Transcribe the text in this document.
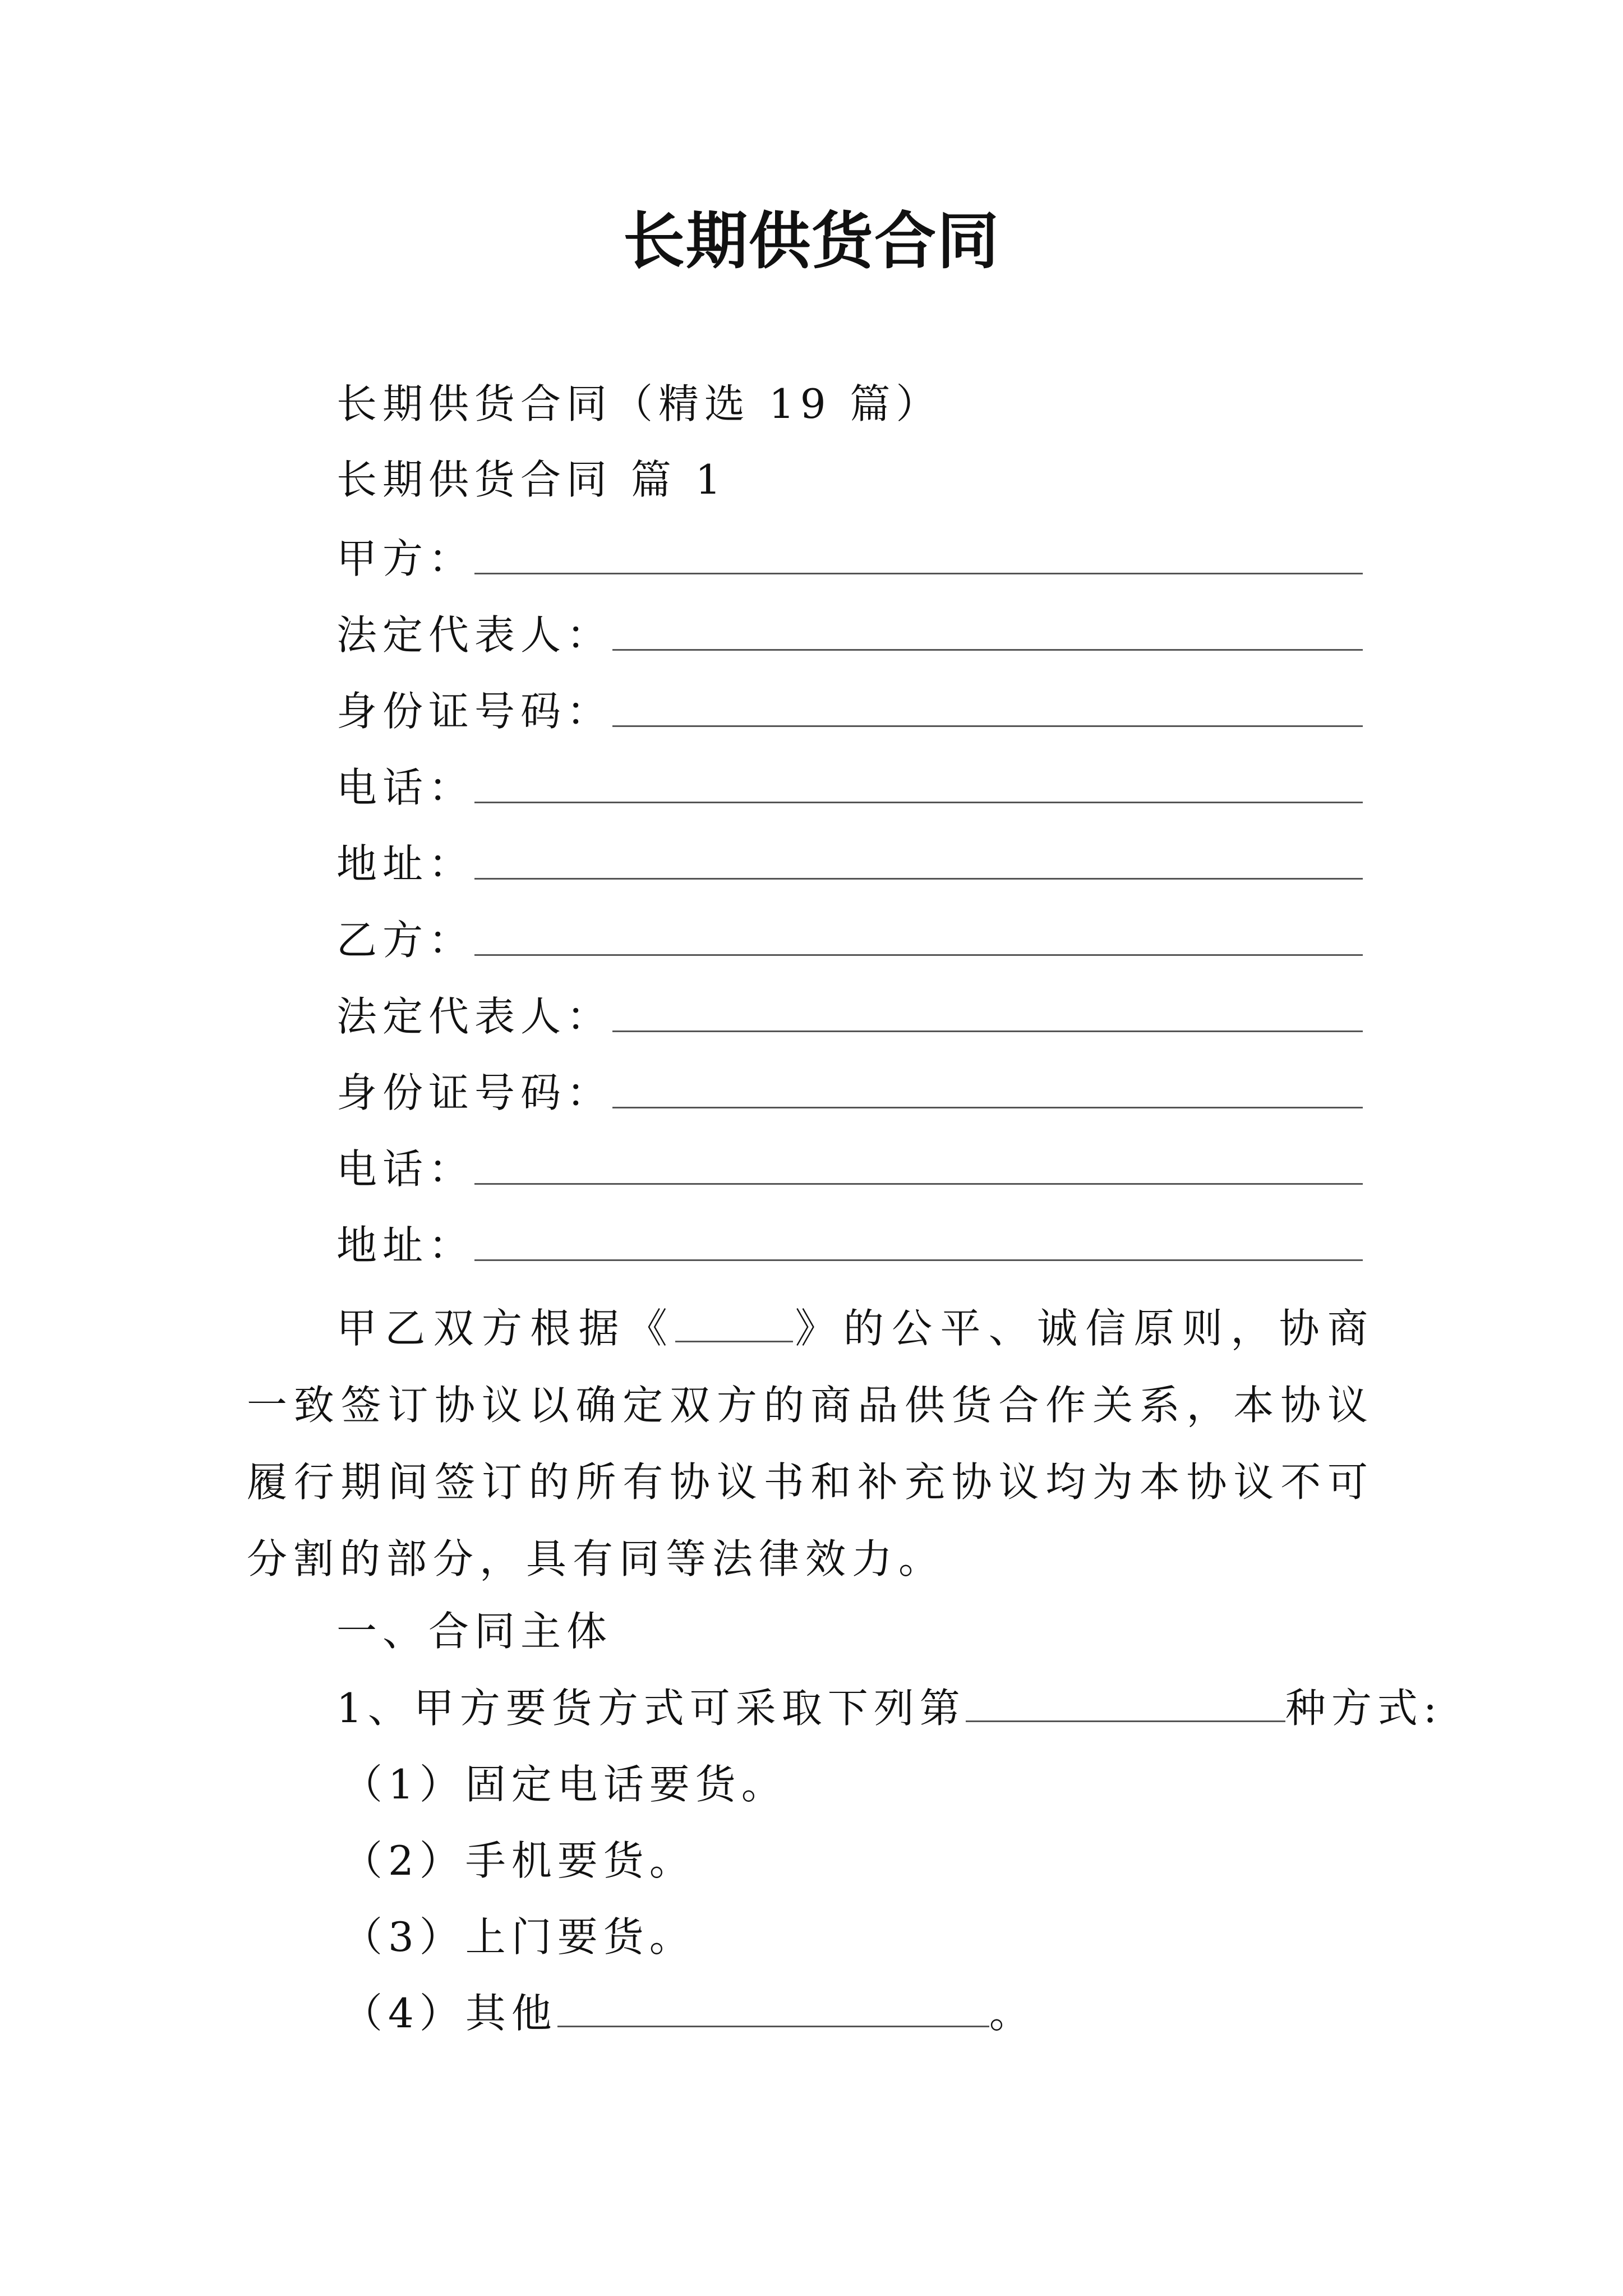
长期供货合同
长期供货合同（精选 19 篇）
长期供货合同 篇 1
甲方：
法定代表人：
身份证号码：
电话：
地址：
乙方：
法定代表人：
身份证号码：
电话：
地址：

甲乙双方根据《	》的公平、诚信原则，协商一致签订协议以确定双方的商品供货合作关系，本协议履行期间签订的所有协议书和补充协议均为本协议不可分割的部分，具有同等法律效力。

一、合同主体
1、甲方要货方式可采取下列第	种方式:
（1）固定电话要货。
（2）手机要货。
（3）上门要货。
（4）其他	。
